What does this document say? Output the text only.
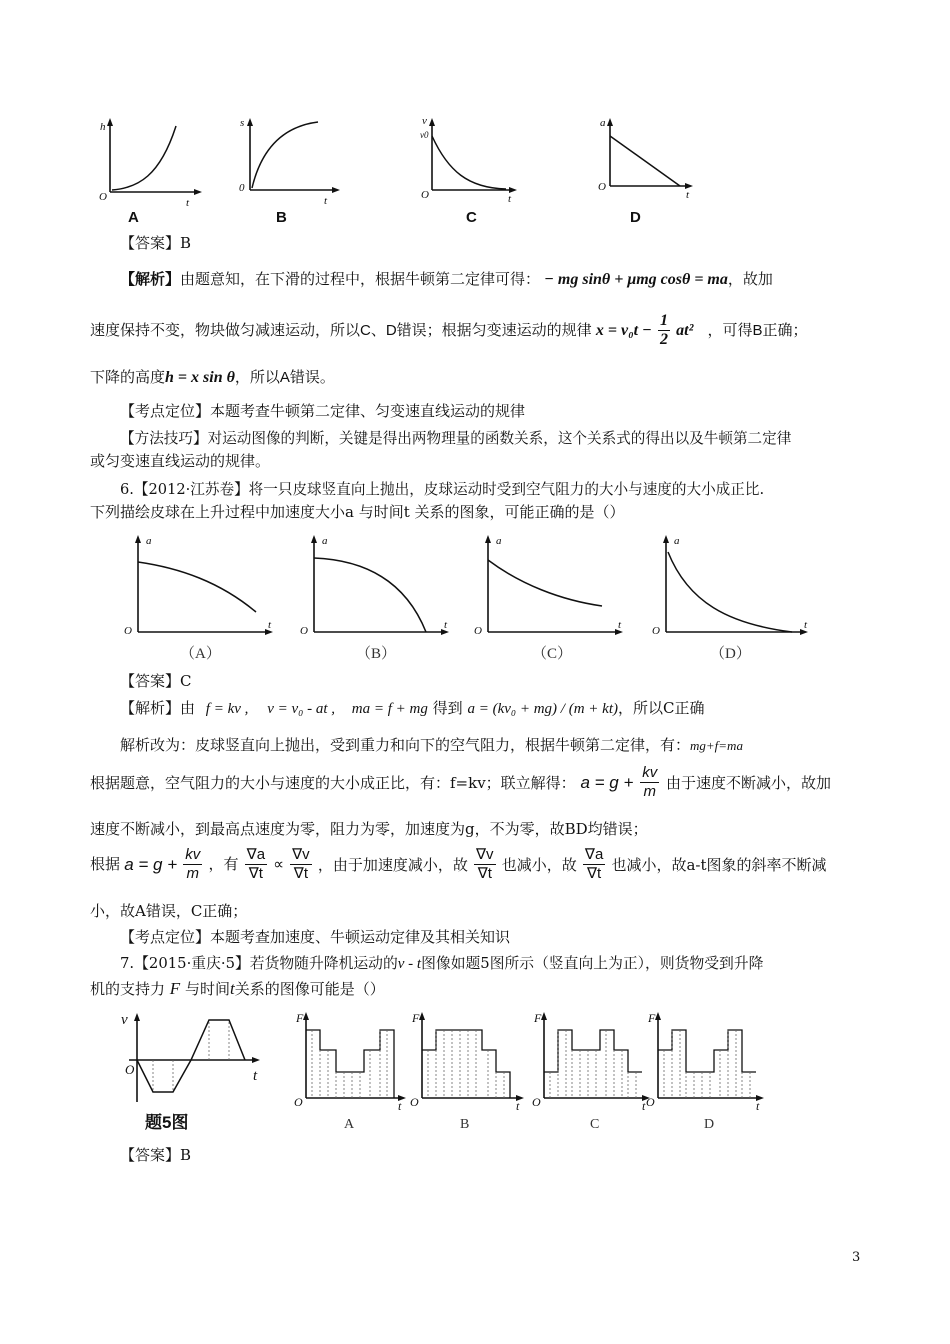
h
t
O
A
s
t
0
B
v
v0
t
O
C
a
t
O
D
【答案】B
【解析】由题意知，在下滑的过程中，根据牛顿第二定律可得： − mg sinθ + μmg cosθ = ma，故加
速度保持不变，物块做匀减速运动，所以C、D错误；根据匀变速运动的规律 $x = v_0t - \frac{1}{2} at^2$ ，可得B正确；
下降的高度h = x sin θ，所以A错误。
【考点定位】本题考查牛顿第二定律、匀变速直线运动的规律
【方法技巧】对运动图像的判断，关键是得出两物理量的函数关系，这个关系式的得出以及牛顿第二定律
或匀变速直线运动的规律。
6.【2012·江苏卷】将一只皮球竖直向上抛出，皮球运动时受到空气阻力的大小与速度的大小成正比.
下列描绘皮球在上升过程中加速度大小a 与时间t 关系的图象，可能正确的是（）
a
t
O
（A）
a
t
O
（B）
a
t
O
（C）
a
t
O
（D）
【答案】C
【解析】由 f = kv , v = v₀ - at , ma = f + mg 得到 a = (kv₀ + mg) / (m + kt)，所以C正确
解析改为：皮球竖直向上抛出，受到重力和向下的空气阻力，根据牛顿第二定律，有：mg+f=ma
根据题意，空气阻力的大小与速度的大小成正比，有：f=kv；联立解得： $a = g + \frac{kv}{m}$ 由于速度不断减小，故加
速度不断减小，到最高点速度为零，阻力为零，加速度为g，不为零，故BD均错误；
根据 $a = g + \frac{kv}{m}$ ，有 $\frac{\nabla a}{\nabla t} \propto \frac{\nabla v}{\nabla t}$ ，由于加速度减小，故 $\frac{\nabla v}{\nabla t}$ 也减小，故 $\frac{\nabla a}{\nabla t}$ 也减小，故a-t图象的斜率不断减
小，故A错误，C正确；
【考点定位】本题考查加速度、牛顿运动定律及其相关知识
7.【2015·重庆·5】若货物随升降机运动的v - t图像如题5图所示（竖直向上为正），则货物受到升降
机的支持力 F 与时间t关系的图像可能是（）
v
t
O
题5图
F
t
O
A
F
t
O
B
F
t
O
C
F
t
O
D
【答案】B
3
